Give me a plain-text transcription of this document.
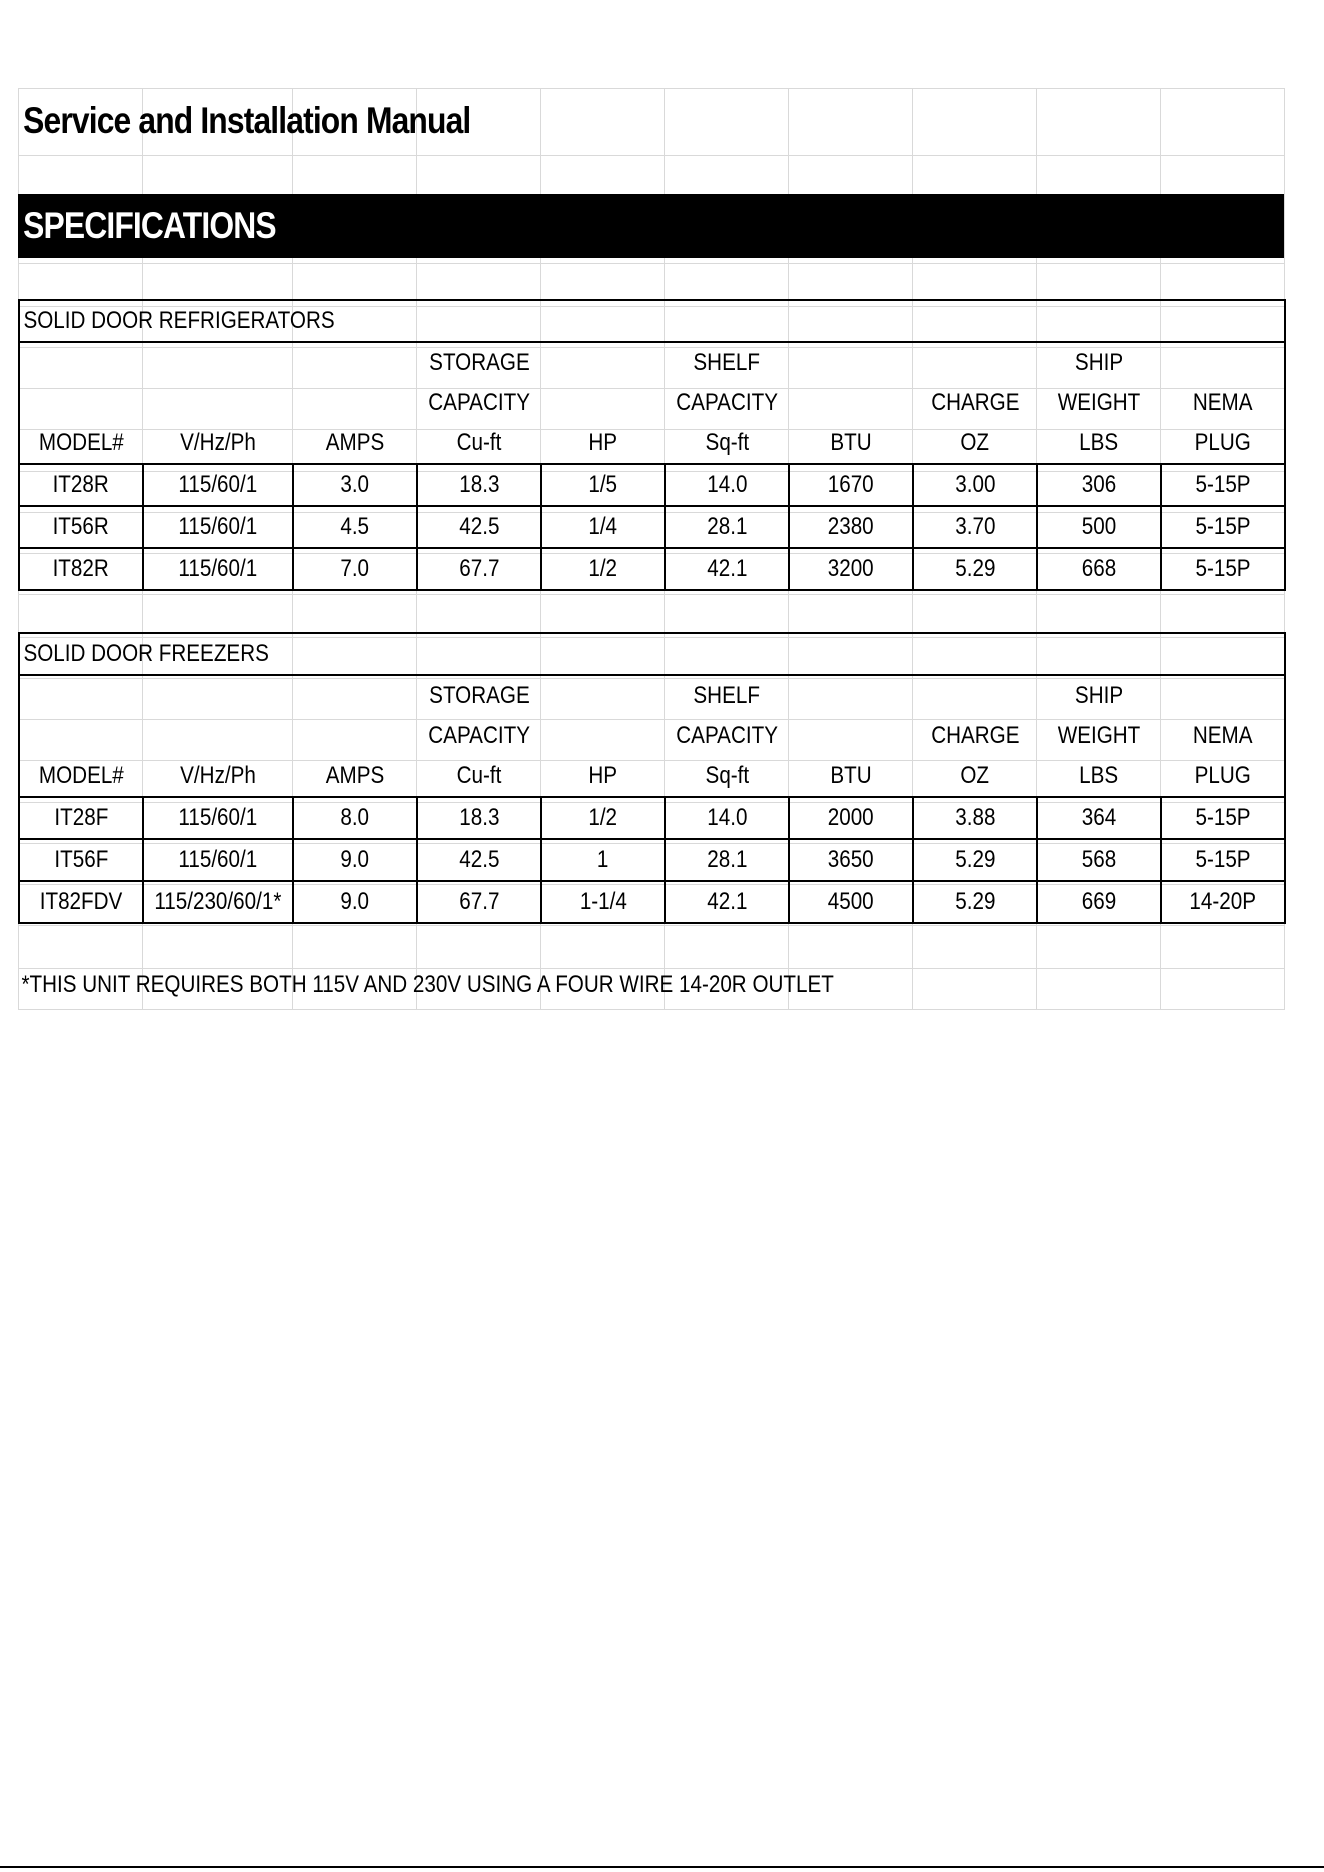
Service and Installation Manual
SPECIFICATIONS
SOLID DOOR REFRIGERATORS									
			STORAGE		SHELF			SHIP	
			CAPACITY		CAPACITY		CHARGE	WEIGHT	NEMA
MODEL#	V/Hz/Ph	AMPS	Cu-ft	HP	Sq-ft	BTU	OZ	LBS	PLUG
IT28R	115/60/1	3.0	18.3	1/5	14.0	1670	3.00	306	5-15P
IT56R	115/60/1	4.5	42.5	1/4	28.1	2380	3.70	500	5-15P
IT82R	115/60/1	7.0	67.7	1/2	42.1	3200	5.29	668	5-15P
SOLID DOOR FREEZERS									
			STORAGE		SHELF			SHIP	
			CAPACITY		CAPACITY		CHARGE	WEIGHT	NEMA
MODEL#	V/Hz/Ph	AMPS	Cu-ft	HP	Sq-ft	BTU	OZ	LBS	PLUG
IT28F	115/60/1	8.0	18.3	1/2	14.0	2000	3.88	364	5-15P
IT56F	115/60/1	9.0	42.5	1	28.1	3650	5.29	568	5-15P
IT82FDV	115/230/60/1*	9.0	67.7	1-1/4	42.1	4500	5.29	669	14-20P
*THIS UNIT REQUIRES BOTH 115V AND 230V USING A FOUR WIRE 14-20R OUTLET
